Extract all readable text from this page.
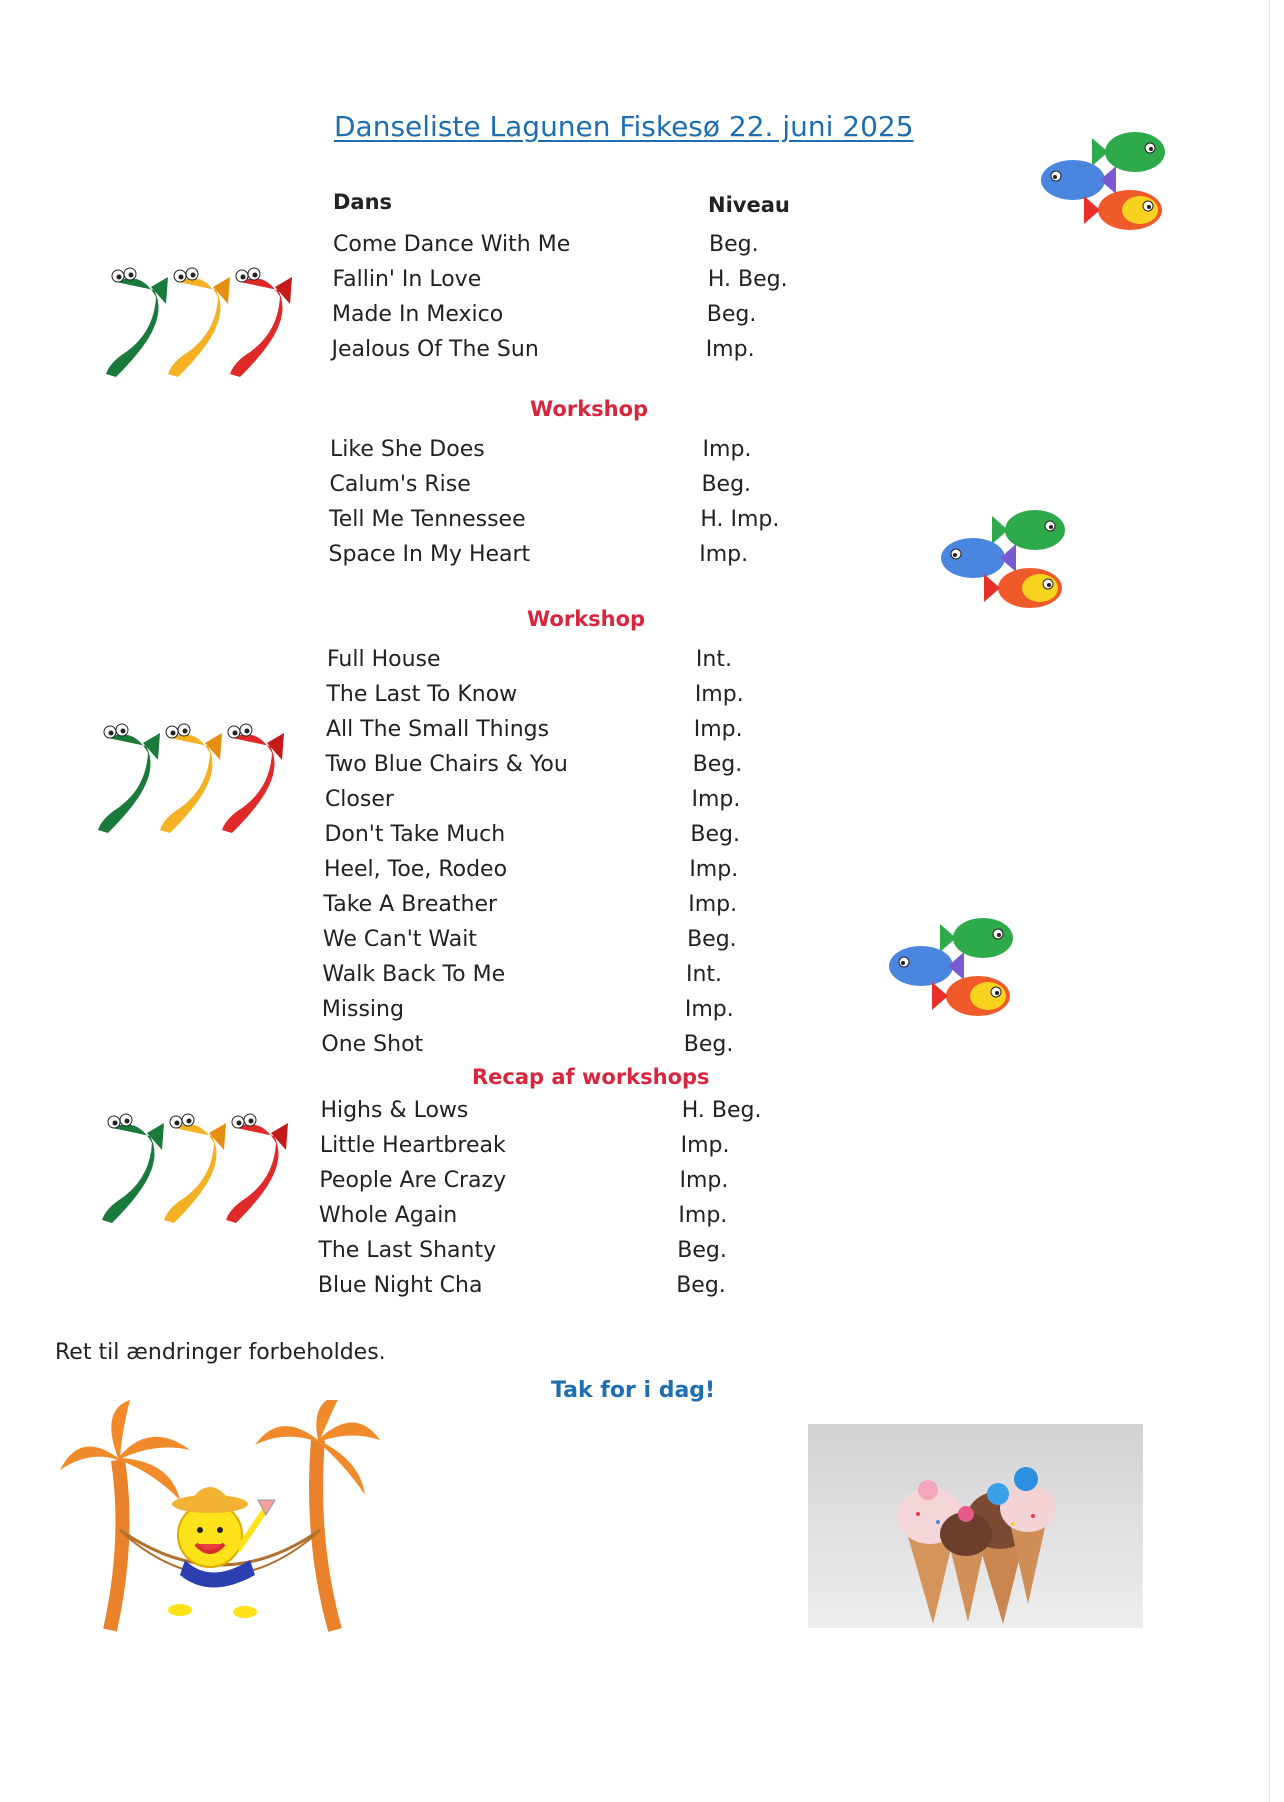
Danseliste Lagunen Fiskesø 22. juni 2025
Dans	Niveau
Come Dance With Me	Beg.
Fallin' In Love	H. Beg.
Made In Mexico	Beg.
Jealous Of The Sun	Imp.
Workshop
Like She Does	Imp.
Calum's Rise	Beg.
Tell Me Tennessee	H. Imp.
Space In My Heart	Imp.
Workshop
Full House	Int.
The Last To Know	Imp.
All The Small Things	Imp.
Two Blue Chairs & You	Beg.
Closer	Imp.
Don't Take Much	Beg.
Heel, Toe, Rodeo	Imp.
Take A Breather	Imp.
We Can't Wait	Beg.
Walk Back To Me	Int.
Missing	Imp.
One Shot	Beg.
Recap af workshops
Highs & Lows	H. Beg.
Little Heartbreak	Imp.
People Are Crazy	Imp.
Whole Again	Imp.
The Last Shanty	Beg.
Blue Night Cha	Beg.
Ret til ændringer forbeholdes.
Tak for i dag!
